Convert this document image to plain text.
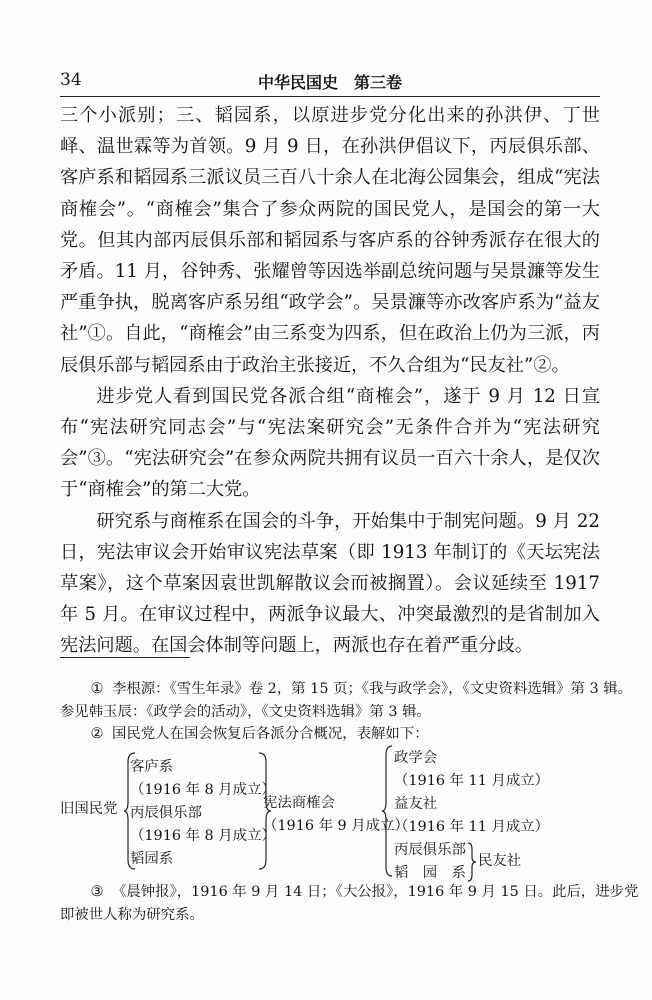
34	中华民国史　第三卷

三个小派别；三、韬园系，以原进步党分化出来的孙洪伊、丁世峄、温世霖等为首领。9 月 9 日，在孙洪伊倡议下，丙辰俱乐部、客庐系和韬园系三派议员三百八十余人在北海公园集会，组成“宪法商榷会”。“商榷会”集合了参众两院的国民党人，是国会的第一大党。但其内部丙辰俱乐部和韬园系与客庐系的谷钟秀派存在很大的矛盾。11 月，谷钟秀、张耀曾等因选举副总统问题与吴景濂等发生严重争执，脱离客庐系另组“政学会”。吴景濂等亦改客庐系为“益友社”①。自此，“商榷会”由三系变为四系，但在政治上仍为三派，丙辰俱乐部与韬园系由于政治主张接近，不久合组为“民友社”②。

进步党人看到国民党各派合组“商榷会”，遂于 9 月 12 日宣布“宪法研究同志会”与“宪法案研究会”无条件合并为“宪法研究会”③。“宪法研究会”在参众两院共拥有议员一百六十余人，是仅次于“商榷会”的第二大党。

研究系与商榷系在国会的斗争，开始集中于制宪问题。9 月 22 日，宪法审议会开始审议宪法草案（即 1913 年制订的《天坛宪法草案》，这个草案因袁世凯解散议会而被搁置）。会议延续至 1917 年 5 月。在审议过程中，两派争议最大、冲突最激烈的是省制加入宪法问题。在国会体制等问题上，两派也存在着严重分歧。

① 李根源：《雪生年录》卷 2，第 15 页；《我与政学会》，《文史资料选辑》第 3 辑。
参见韩玉辰：《政学会的活动》，《文史资料选辑》第 3 辑。
② 国民党人在国会恢复后各派分合概况，表解如下：
旧国民党
客庐系
（1916 年 8 月成立）
丙辰俱乐部
（1916 年 8 月成立）
韬园系
宪法商榷会
（1916 年 9 月成立）
政学会
（1916 年 11 月成立）
益友社
（1916 年 11 月成立）
丙辰俱乐部
韬　园　系
民友社
③ 《晨钟报》，1916 年 9 月 14 日；《大公报》，1916 年 9 月 15 日。此后，进步党
即被世人称为研究系。
